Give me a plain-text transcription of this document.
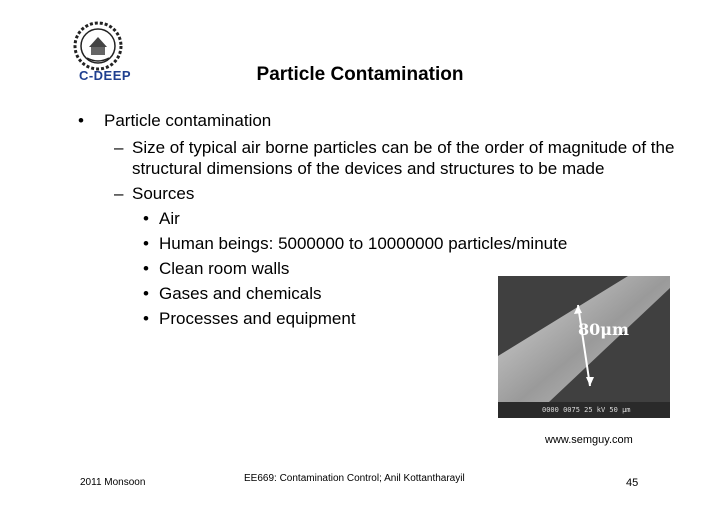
C-DEEP	Particle Contamination
• Particle contamination
– Size of typical air borne particles can be of the order of magnitude of the structural dimensions of the devices and structures to be made
– Sources
• Air
• Human beings: 5000000 to 10000000 particles/minute
• Clean room walls
• Gases and chemicals
• Processes and equipment
0000 0075 25 kV 50 μm
80μm
www.semguy.com
2011 Monsoon	EE669: Contamination Control; Anil Kottantharayil	45
